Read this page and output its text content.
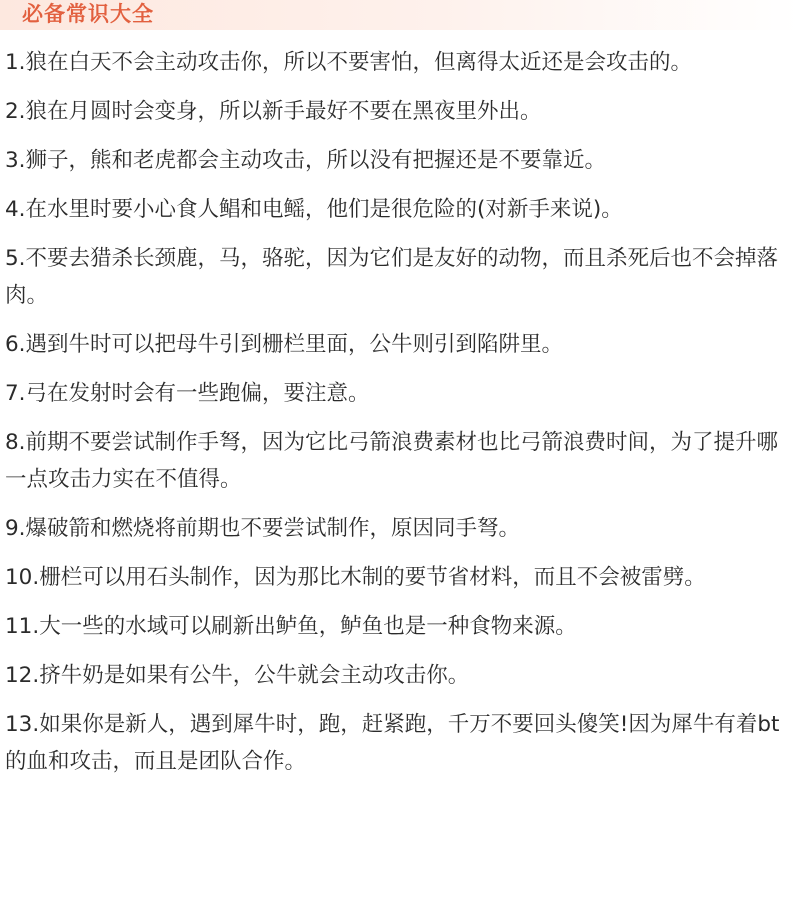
必备常识大全

1.狼在白天不会主动攻击你，所以不要害怕，但离得太近还是会攻击的。

2.狼在月圆时会变身，所以新手最好不要在黑夜里外出。

3.狮子，熊和老虎都会主动攻击，所以没有把握还是不要靠近。

4.在水里时要小心食人鲳和电鳐，他们是很危险的(对新手来说)。

5.不要去猎杀长颈鹿，马，骆驼，因为它们是友好的动物，而且杀死后也不会掉落肉。

6.遇到牛时可以把母牛引到栅栏里面，公牛则引到陷阱里。

7.弓在发射时会有一些跑偏，要注意。

8.前期不要尝试制作手弩，因为它比弓箭浪费素材也比弓箭浪费时间，为了提升哪一点攻击力实在不值得。

9.爆破箭和燃烧将前期也不要尝试制作，原因同手弩。

10.栅栏可以用石头制作，因为那比木制的要节省材料，而且不会被雷劈。

11.大一些的水域可以刷新出鲈鱼，鲈鱼也是一种食物来源。

12.挤牛奶是如果有公牛，公牛就会主动攻击你。

13.如果你是新人，遇到犀牛时，跑，赶紧跑，千万不要回头傻笑!因为犀牛有着bt的血和攻击，而且是团队合作。
